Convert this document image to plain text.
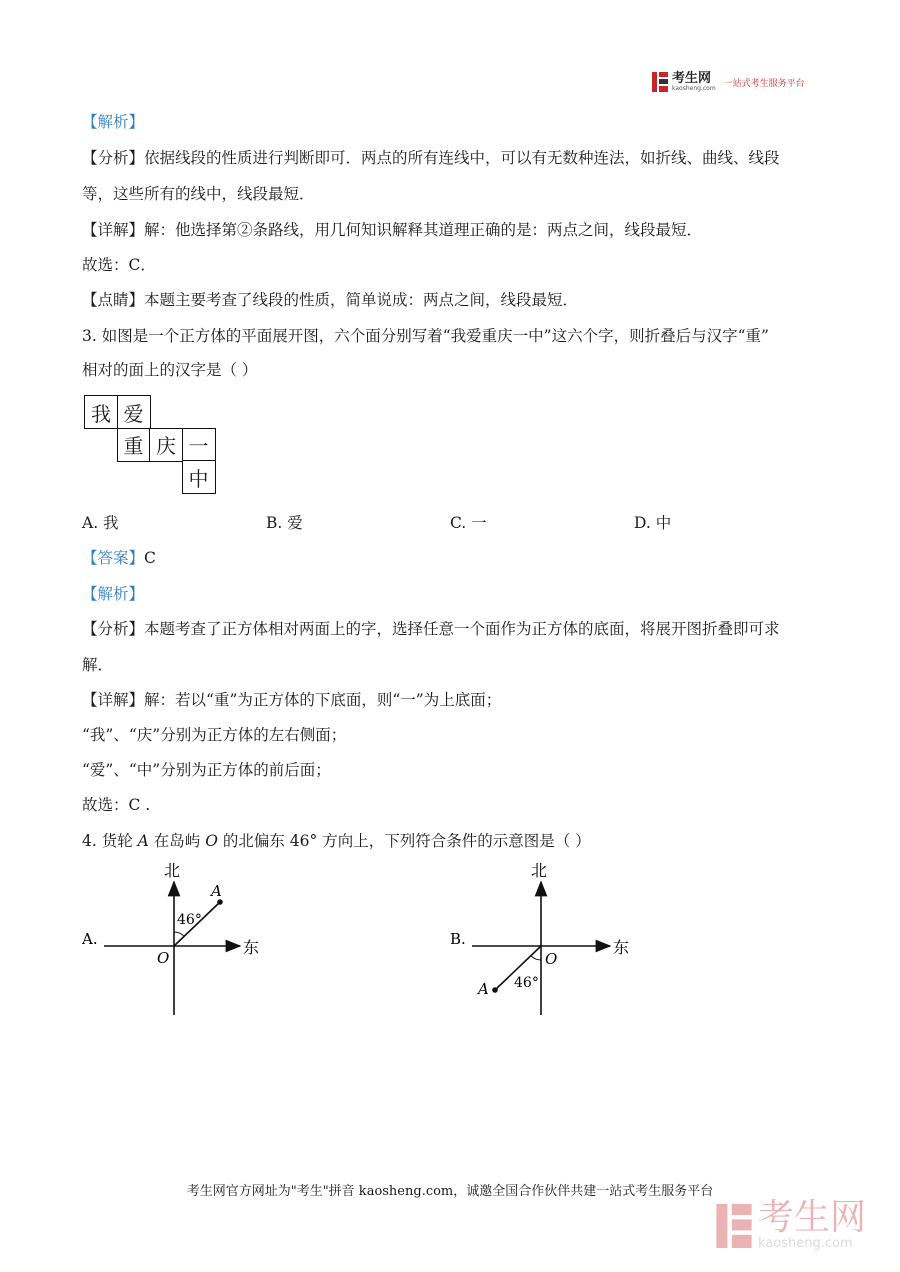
考生网
kaosheng.com 一站式考生服务平台
【解析】
【分析】依据线段的性质进行判断即可．两点的所有连线中，可以有无数种连法，如折线、曲线、线段
等，这些所有的线中，线段最短．
【详解】解：他选择第②条路线，用几何知识解释其道理正确的是：两点之间，线段最短．
故选：C．
【点睛】本题主要考查了线段的性质，简单说成：两点之间，线段最短．
3. 如图是一个正方体的平面展开图，六个面分别写着“我爱重庆一中”这六个字，则折叠后与汉字“重”
相对的面上的汉字是（ ）
我 爱
重 庆 一
中
A. 我	B. 爱	C. 一	D. 中
【答案】C
【解析】
【分析】本题考查了正方体相对两面上的字，选择任意一个面作为正方体的底面，将展开图折叠即可求
解．
【详解】解：若以“重”为正方体的下底面，则“一”为上底面；
“我”、“庆”分别为正方体的左右侧面；
“爱”、“中”分别为正方体的前后面；
故选：C .
4. 货轮 A 在岛屿 O 的北偏东 46° 方向上，下列符合条件的示意图是（ ）
A.
北
东
A
O
46°
B.
北
东
A
O
46°
考生网官方网址为"考生"拼音 kaosheng.com，诚邀全国合作伙伴共建一站式考生服务平台
考生网
kaosheng.com
